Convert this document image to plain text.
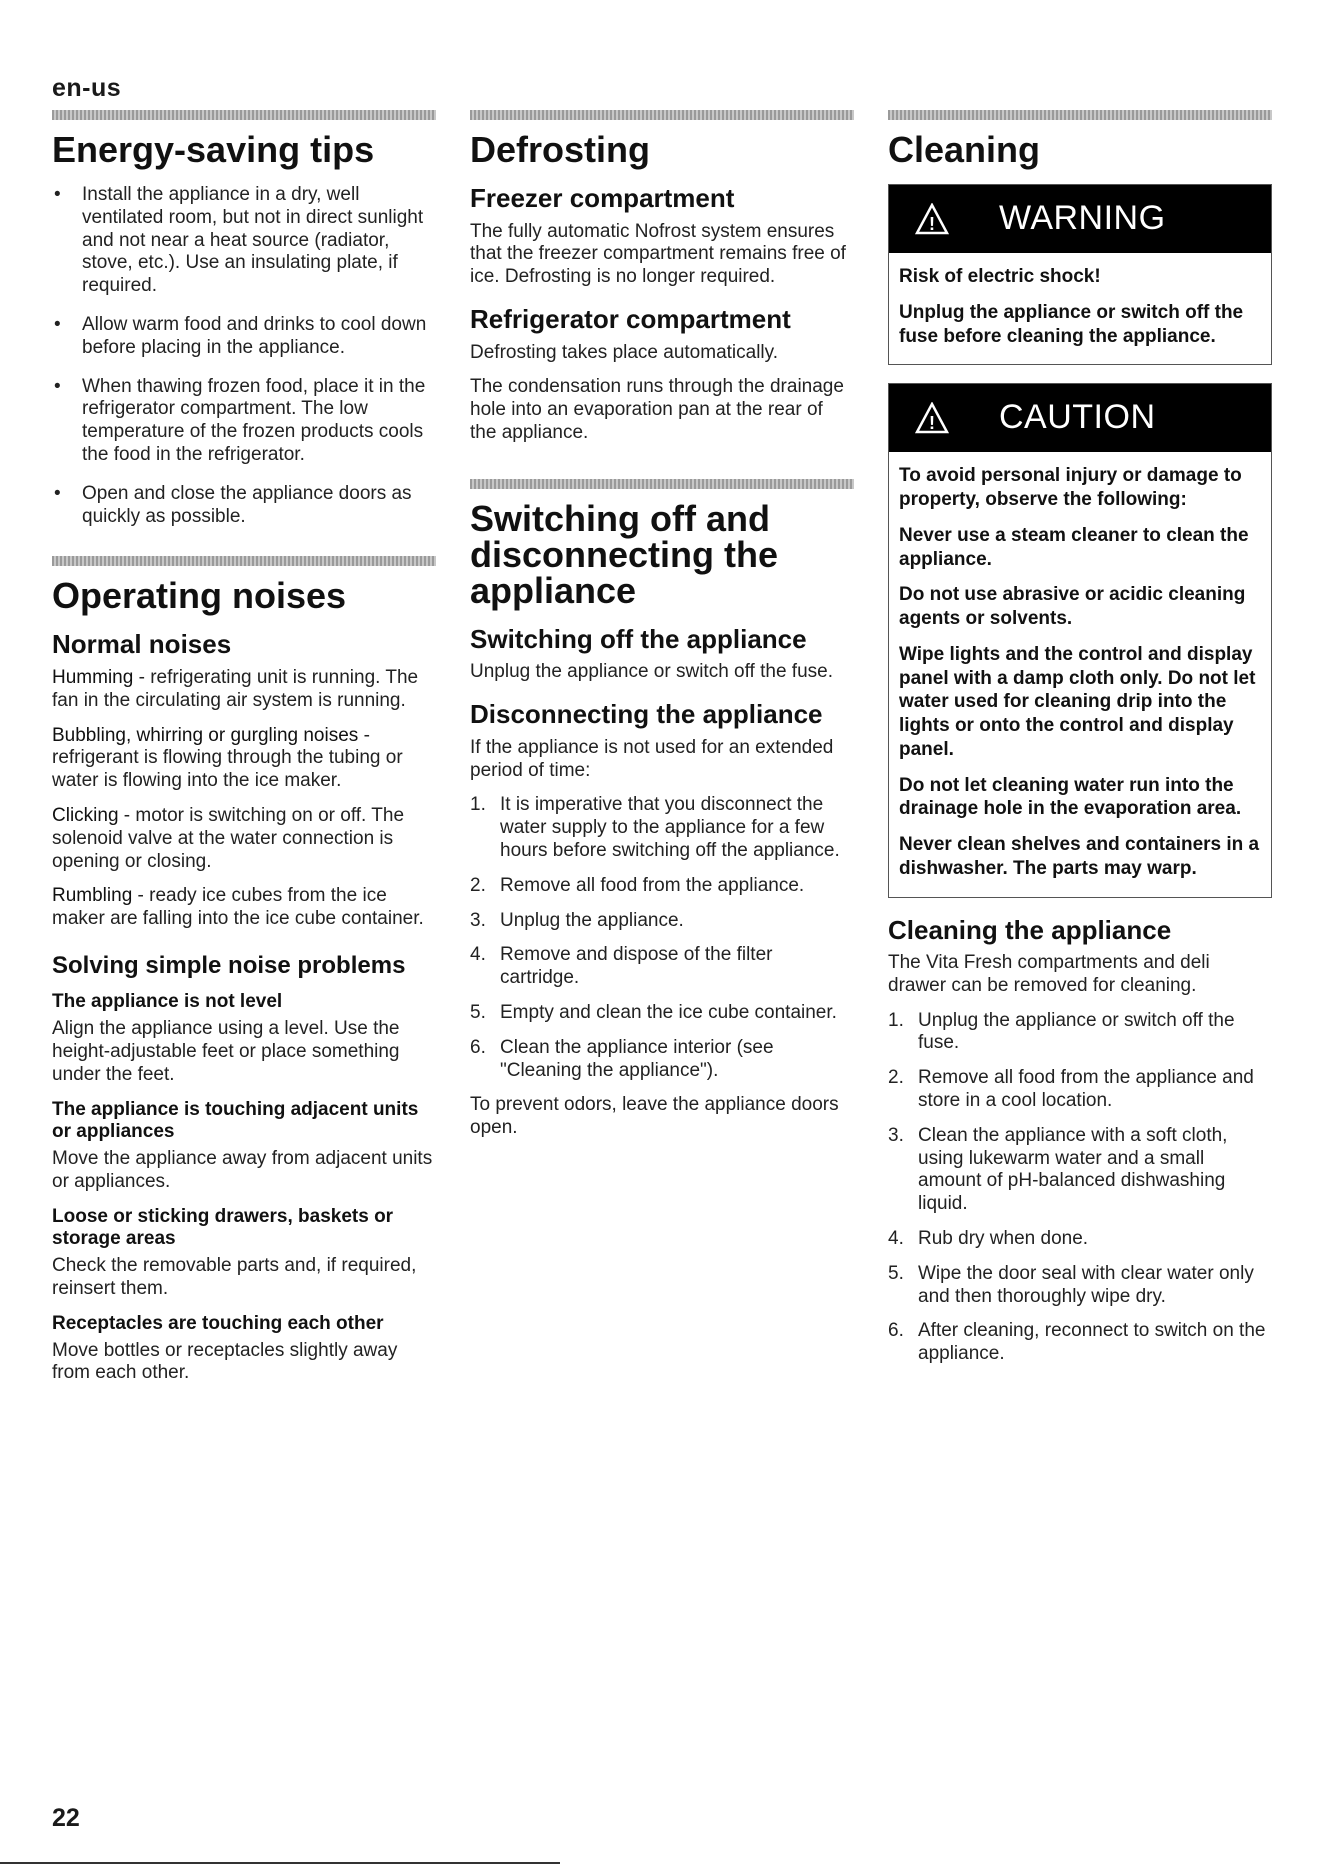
en-us
Energy-saving tips
• Install the appliance in a dry, well ventilated room, but not in direct sunlight and not near a heat source (radiator, stove, etc.). Use an insulating plate, if required.
• Allow warm food and drinks to cool down before placing in the appliance.
• When thawing frozen food, place it in the refrigerator compartment. The low temperature of the frozen products cools the food in the refrigerator.
• Open and close the appliance doors as quickly as possible.
Operating noises
Normal noises

Humming - refrigerating unit is running. The fan in the circulating air system is running.

Bubbling, whirring or gurgling noises - refrigerant is flowing through the tubing or water is flowing into the ice maker.

Clicking - motor is switching on or off. The solenoid valve at the water connection is opening or closing.

Rumbling - ready ice cubes from the ice maker are falling into the ice cube container.

Solving simple noise problems
The appliance is not level

Align the appliance using a level. Use the height-adjustable feet or place something under the feet.

The appliance is touching adjacent units or appliances

Move the appliance away from adjacent units or appliances.

Loose or sticking drawers, baskets or storage areas

Check the removable parts and, if required, reinsert them.

Receptacles are touching each other

Move bottles or receptacles slightly away from each other.

Defrosting
Freezer compartment

The fully automatic Nofrost system ensures that the freezer compartment remains free of ice. Defrosting is no longer required.

Refrigerator compartment

Defrosting takes place automatically.

The condensation runs through the drainage hole into an evaporation pan at the rear of the appliance.

Switching off and disconnecting the appliance
Switching off the appliance

Unplug the appliance or switch off the fuse.

Disconnecting the appliance

If the appliance is not used for an extended period of time:

1. It is imperative that you disconnect the water supply to the appliance for a few hours before switching off the appliance.
2. Remove all food from the appliance.
3. Unplug the appliance.
4. Remove and dispose of the filter cartridge.
5. Empty and clean the ice cube container.
6. Clean the appliance interior (see "Cleaning the appliance").

To prevent odors, leave the appliance doors open.

Cleaning
! WARNING

Risk of electric shock!

Unplug the appliance or switch off the fuse before cleaning the appliance.

! CAUTION

To avoid personal injury or damage to property, observe the following:

Never use a steam cleaner to clean the appliance.

Do not use abrasive or acidic cleaning agents or solvents.

Wipe lights and the control and display panel with a damp cloth only. Do not let water used for cleaning drip into the lights or onto the control and display panel.

Do not let cleaning water run into the drainage hole in the evaporation area.

Never clean shelves and containers in a dishwasher. The parts may warp.

Cleaning the appliance

The Vita Fresh compartments and deli drawer can be removed for cleaning.

1. Unplug the appliance or switch off the fuse.
2. Remove all food from the appliance and store in a cool location.
3. Clean the appliance with a soft cloth, using lukewarm water and a small amount of pH-balanced dishwashing liquid.
4. Rub dry when done.
5. Wipe the door seal with clear water only and then thoroughly wipe dry.
6. After cleaning, reconnect to switch on the appliance.
22
